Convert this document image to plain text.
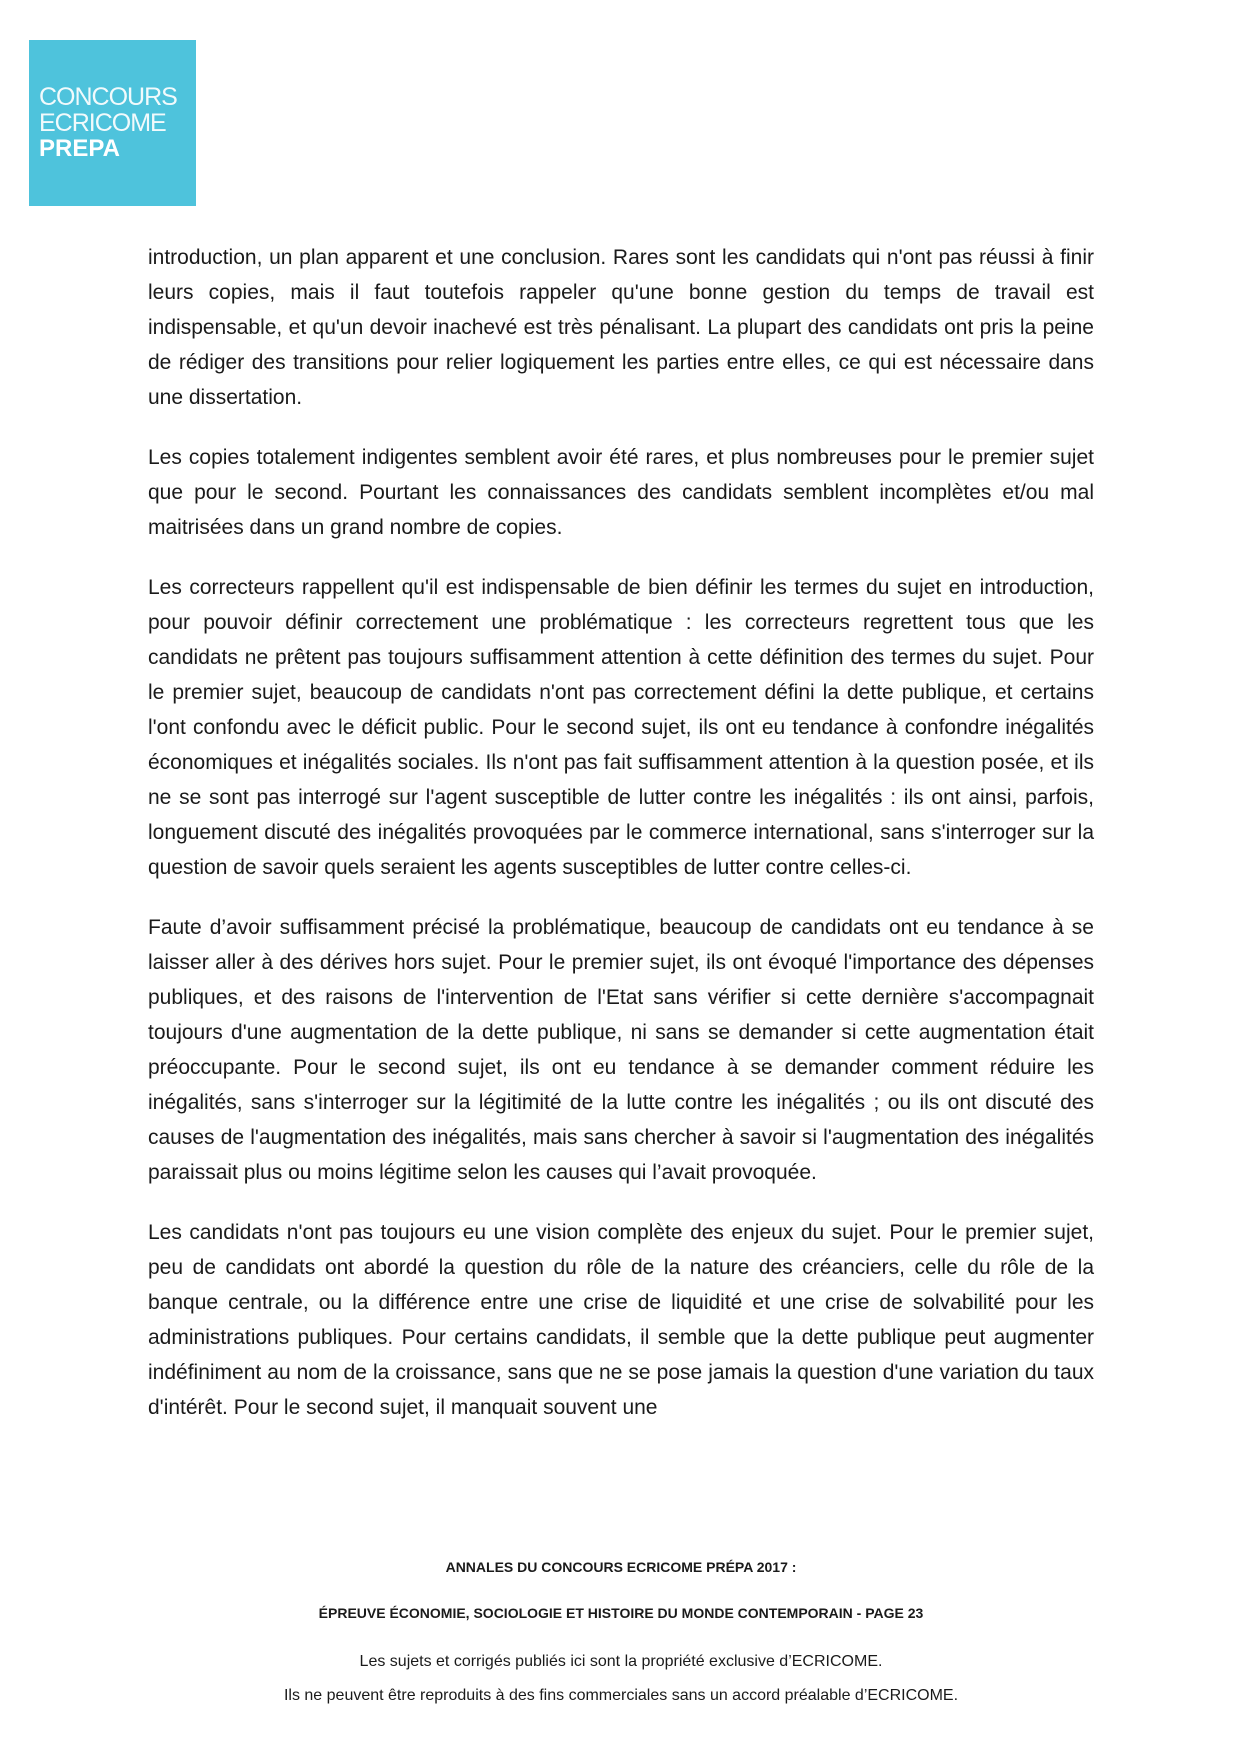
CONCOURS
ECRICOME
PREPA

introduction, un plan apparent et une conclusion. Rares sont les candidats qui n'ont pas réussi à finir leurs copies, mais il faut toutefois rappeler qu'une bonne gestion du temps de travail est indispensable, et qu'un devoir inachevé est très pénalisant. La plupart des candidats ont pris la peine de rédiger des transitions pour relier logiquement les parties entre elles, ce qui est nécessaire dans une dissertation.

Les copies totalement indigentes semblent avoir été rares, et plus nombreuses pour le premier sujet que pour le second. Pourtant les connaissances des candidats semblent incomplètes et/ou mal maitrisées dans un grand nombre de copies.

Les correcteurs rappellent qu'il est indispensable de bien définir les termes du sujet en introduction, pour pouvoir définir correctement une problématique : les correcteurs regrettent tous que les candidats ne prêtent pas toujours suffisamment attention à cette définition des termes du sujet. Pour le premier sujet, beaucoup de candidats n'ont pas correctement défini la dette publique, et certains l'ont confondu avec le déficit public. Pour le second sujet, ils ont eu tendance à confondre inégalités économiques et inégalités sociales. Ils n'ont pas fait suffisamment attention à la question posée, et ils ne se sont pas interrogé sur l'agent susceptible de lutter contre les inégalités : ils ont ainsi, parfois, longuement discuté des inégalités provoquées par le commerce international, sans s'interroger sur la question de savoir quels seraient les agents susceptibles de lutter contre celles-ci.

Faute d’avoir suffisamment précisé la problématique, beaucoup de candidats ont eu tendance à se laisser aller à des dérives hors sujet. Pour le premier sujet, ils ont évoqué l'importance des dépenses publiques, et des raisons de l'intervention de l'Etat sans vérifier si cette dernière s'accompagnait toujours d'une augmentation de la dette publique, ni sans se demander si cette augmentation était préoccupante. Pour le second sujet, ils ont eu tendance à se demander comment réduire les inégalités, sans s'interroger sur la légitimité de la lutte contre les inégalités ; ou ils ont discuté des causes de l'augmentation des inégalités, mais sans chercher à savoir si l'augmentation des inégalités paraissait plus ou moins légitime selon les causes qui l’avait provoquée.

Les candidats n'ont pas toujours eu une vision complète des enjeux du sujet. Pour le premier sujet, peu de candidats ont abordé la question du rôle de la nature des créanciers, celle du rôle de la banque centrale, ou la différence entre une crise de liquidité et une crise de solvabilité pour les administrations publiques. Pour certains candidats, il semble que la dette publique peut augmenter indéfiniment au nom de la croissance, sans que ne se pose jamais la question d'une variation du taux d'intérêt. Pour le second sujet, il manquait souvent une

ANNALES DU CONCOURS ECRICOME PRÉPA 2017 :

ÉPREUVE ÉCONOMIE, SOCIOLOGIE ET HISTOIRE DU MONDE CONTEMPORAIN - PAGE 23

Les sujets et corrigés publiés ici sont la propriété exclusive d’ECRICOME.

Ils ne peuvent être reproduits à des fins commerciales sans un accord préalable d’ECRICOME.
